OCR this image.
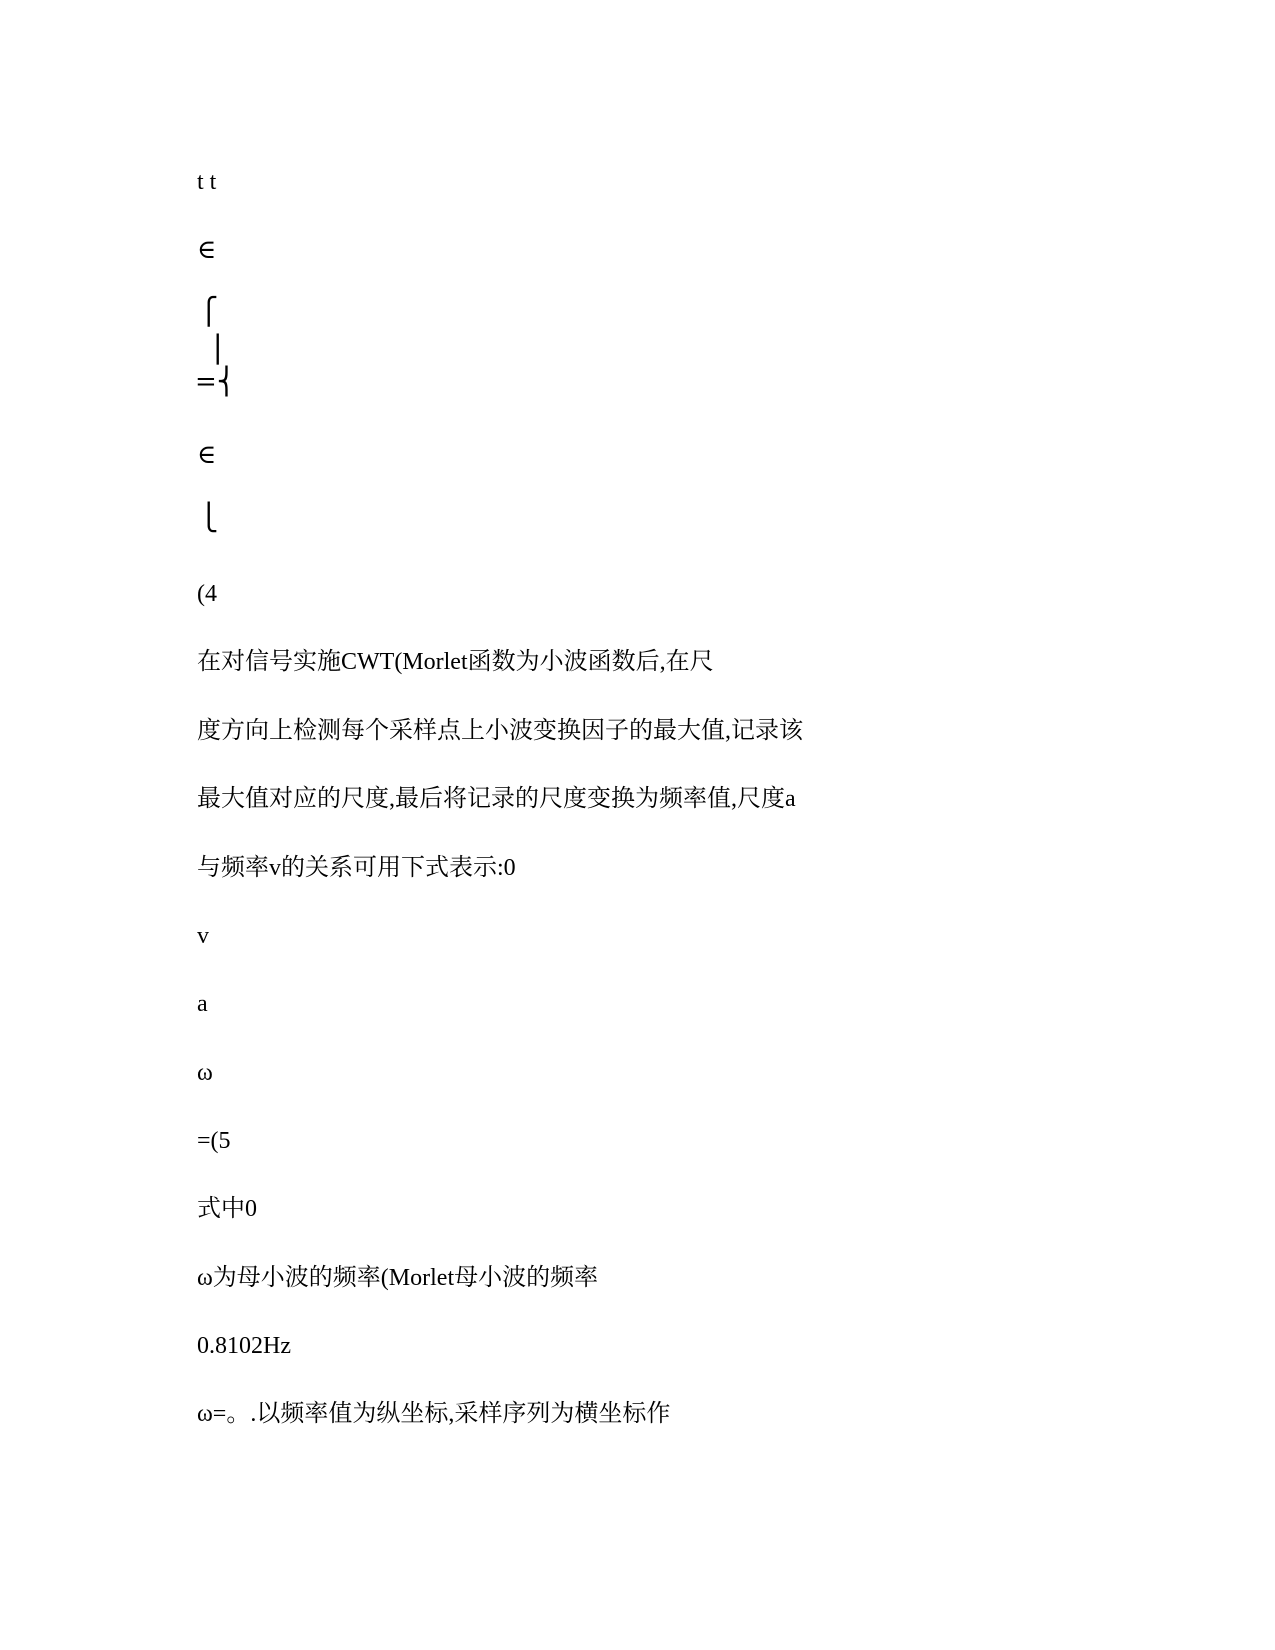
t t
∈
⎧
⎪
=⎨
∈
⎩
(4
在对信号实施CWT(Morlet函数为小波函数后,在尺
度方向上检测每个采样点上小波变换因子的最大值,记录该
最大值对应的尺度,最后将记录的尺度变换为频率值,尺度a
与频率v的关系可用下式表示:0
v
a
ω
=(5
式中0
ω为母小波的频率(Morlet母小波的频率
0.8102Hz
ω=。.以频率值为纵坐标,采样序列为横坐标作
